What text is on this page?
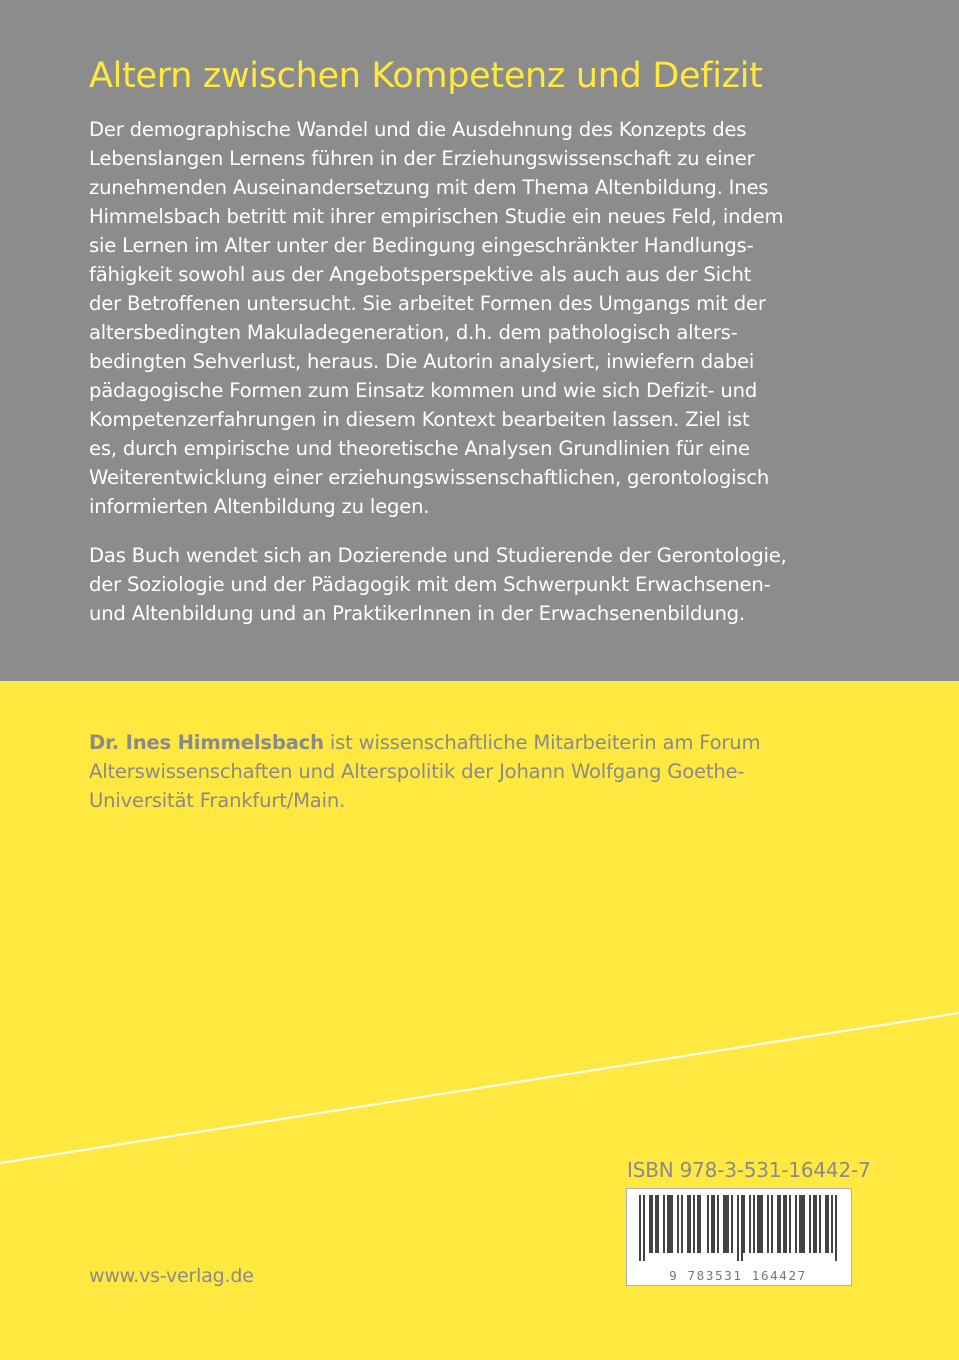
Altern zwischen Kompetenz und Defizit

Der demographische Wandel und die Ausdehnung des Konzepts des
Lebenslangen Lernens führen in der Erziehungswissenschaft zu einer
zunehmenden Auseinandersetzung mit dem Thema Altenbildung. Ines
Himmelsbach betritt mit ihrer empirischen Studie ein neues Feld, indem
sie Lernen im Alter unter der Bedingung eingeschränkter Handlungs-
fähigkeit sowohl aus der Angebotsperspektive als auch aus der Sicht
der Betroffenen untersucht. Sie arbeitet Formen des Umgangs mit der
altersbedingten Makuladegeneration, d.h. dem pathologisch alters-
bedingten Sehverlust, heraus. Die Autorin analysiert, inwiefern dabei
pädagogische Formen zum Einsatz kommen und wie sich Defizit- und
Kompetenzerfahrungen in diesem Kontext bearbeiten lassen. Ziel ist
es, durch empirische und theoretische Analysen Grundlinien für eine
Weiterentwicklung einer erziehungswissenschaftlichen, gerontologisch
informierten Altenbildung zu legen.

Das Buch wendet sich an Dozierende und Studierende der Gerontologie,
der Soziologie und der Pädagogik mit dem Schwerpunkt Erwachsenen-
und Altenbildung und an PraktikerInnen in der Erwachsenenbildung.

Dr. Ines Himmelsbach ist wissenschaftliche Mitarbeiterin am Forum
Alterswissenschaften und Alterspolitik der Johann Wolfgang Goethe-
Universität Frankfurt/Main.

ISBN 978-3-531-16442-7
9 783531 164427
www.vs-verlag.de
